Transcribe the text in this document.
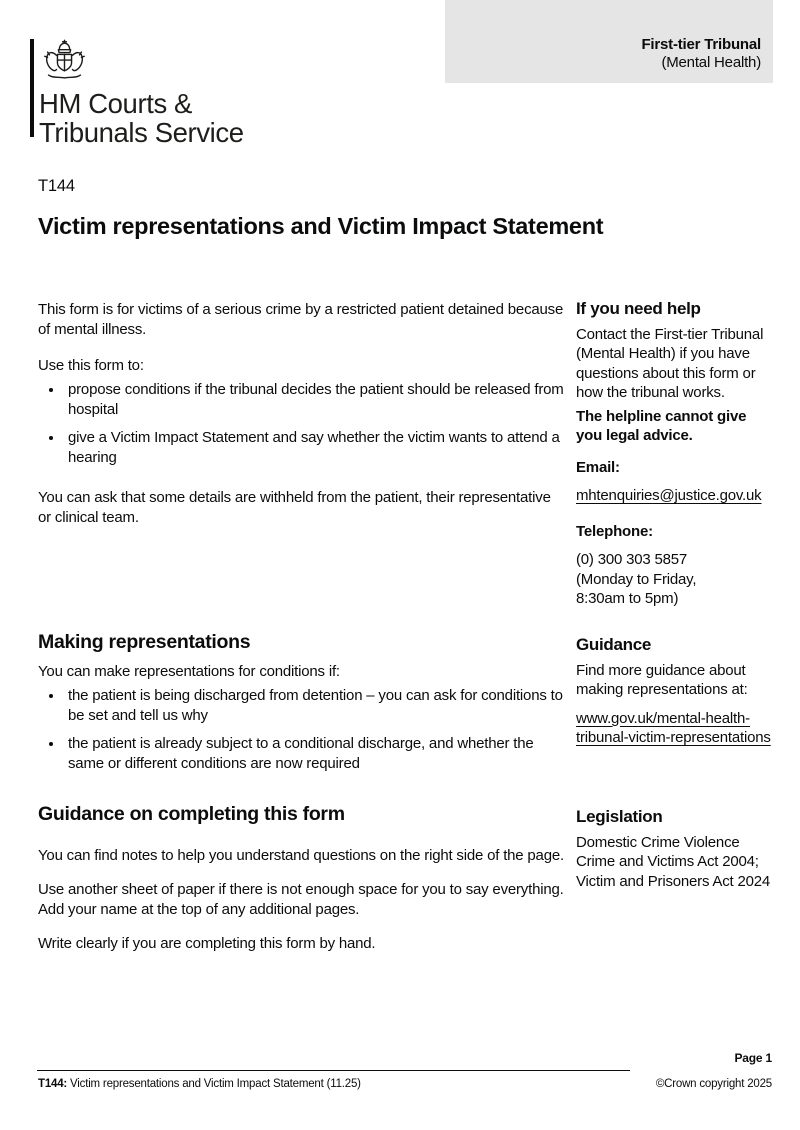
First-tier Tribunal
(Mental Health)
HM Courts &
Tribunals Service
T144
Victim representations and Victim Impact Statement

This form is for victims of a serious crime by a restricted patient detained because of mental illness.

Use this form to:

• propose conditions if the tribunal decides the patient should be released from hospital
• give a Victim Impact Statement and say whether the victim wants to attend a hearing

You can ask that some details are withheld from the patient, their representative or clinical team.

If you need help

Contact the First-tier Tribunal (Mental Health) if you have questions about this form or how the tribunal works.

The helpline cannot give you legal advice.

Email:
mhtenquiries@justice.gov.uk
Telephone:
(0) 300 303 5857
(Monday to Friday,
8:30am to 5pm)
Making representations

You can make representations for conditions if:

• the patient is being discharged from detention – you can ask for conditions to be set and tell us why
• the patient is already subject to a conditional discharge, and whether the same or different conditions are now required
Guidance

Find more guidance about making representations at:

www.gov.uk/mental-health-tribunal-victim-representations
Guidance on completing this form

You can find notes to help you understand questions on the right side of the page.

Use another sheet of paper if there is not enough space for you to say everything. Add your name at the top of any additional pages.

Write clearly if you are completing this form by hand.

Legislation

Domestic Crime Violence Crime and Victims Act 2004; Victim and Prisoners Act 2024

Page 1
T144: Victim representations and Victim Impact Statement (11.25)	©Crown copyright 2025
